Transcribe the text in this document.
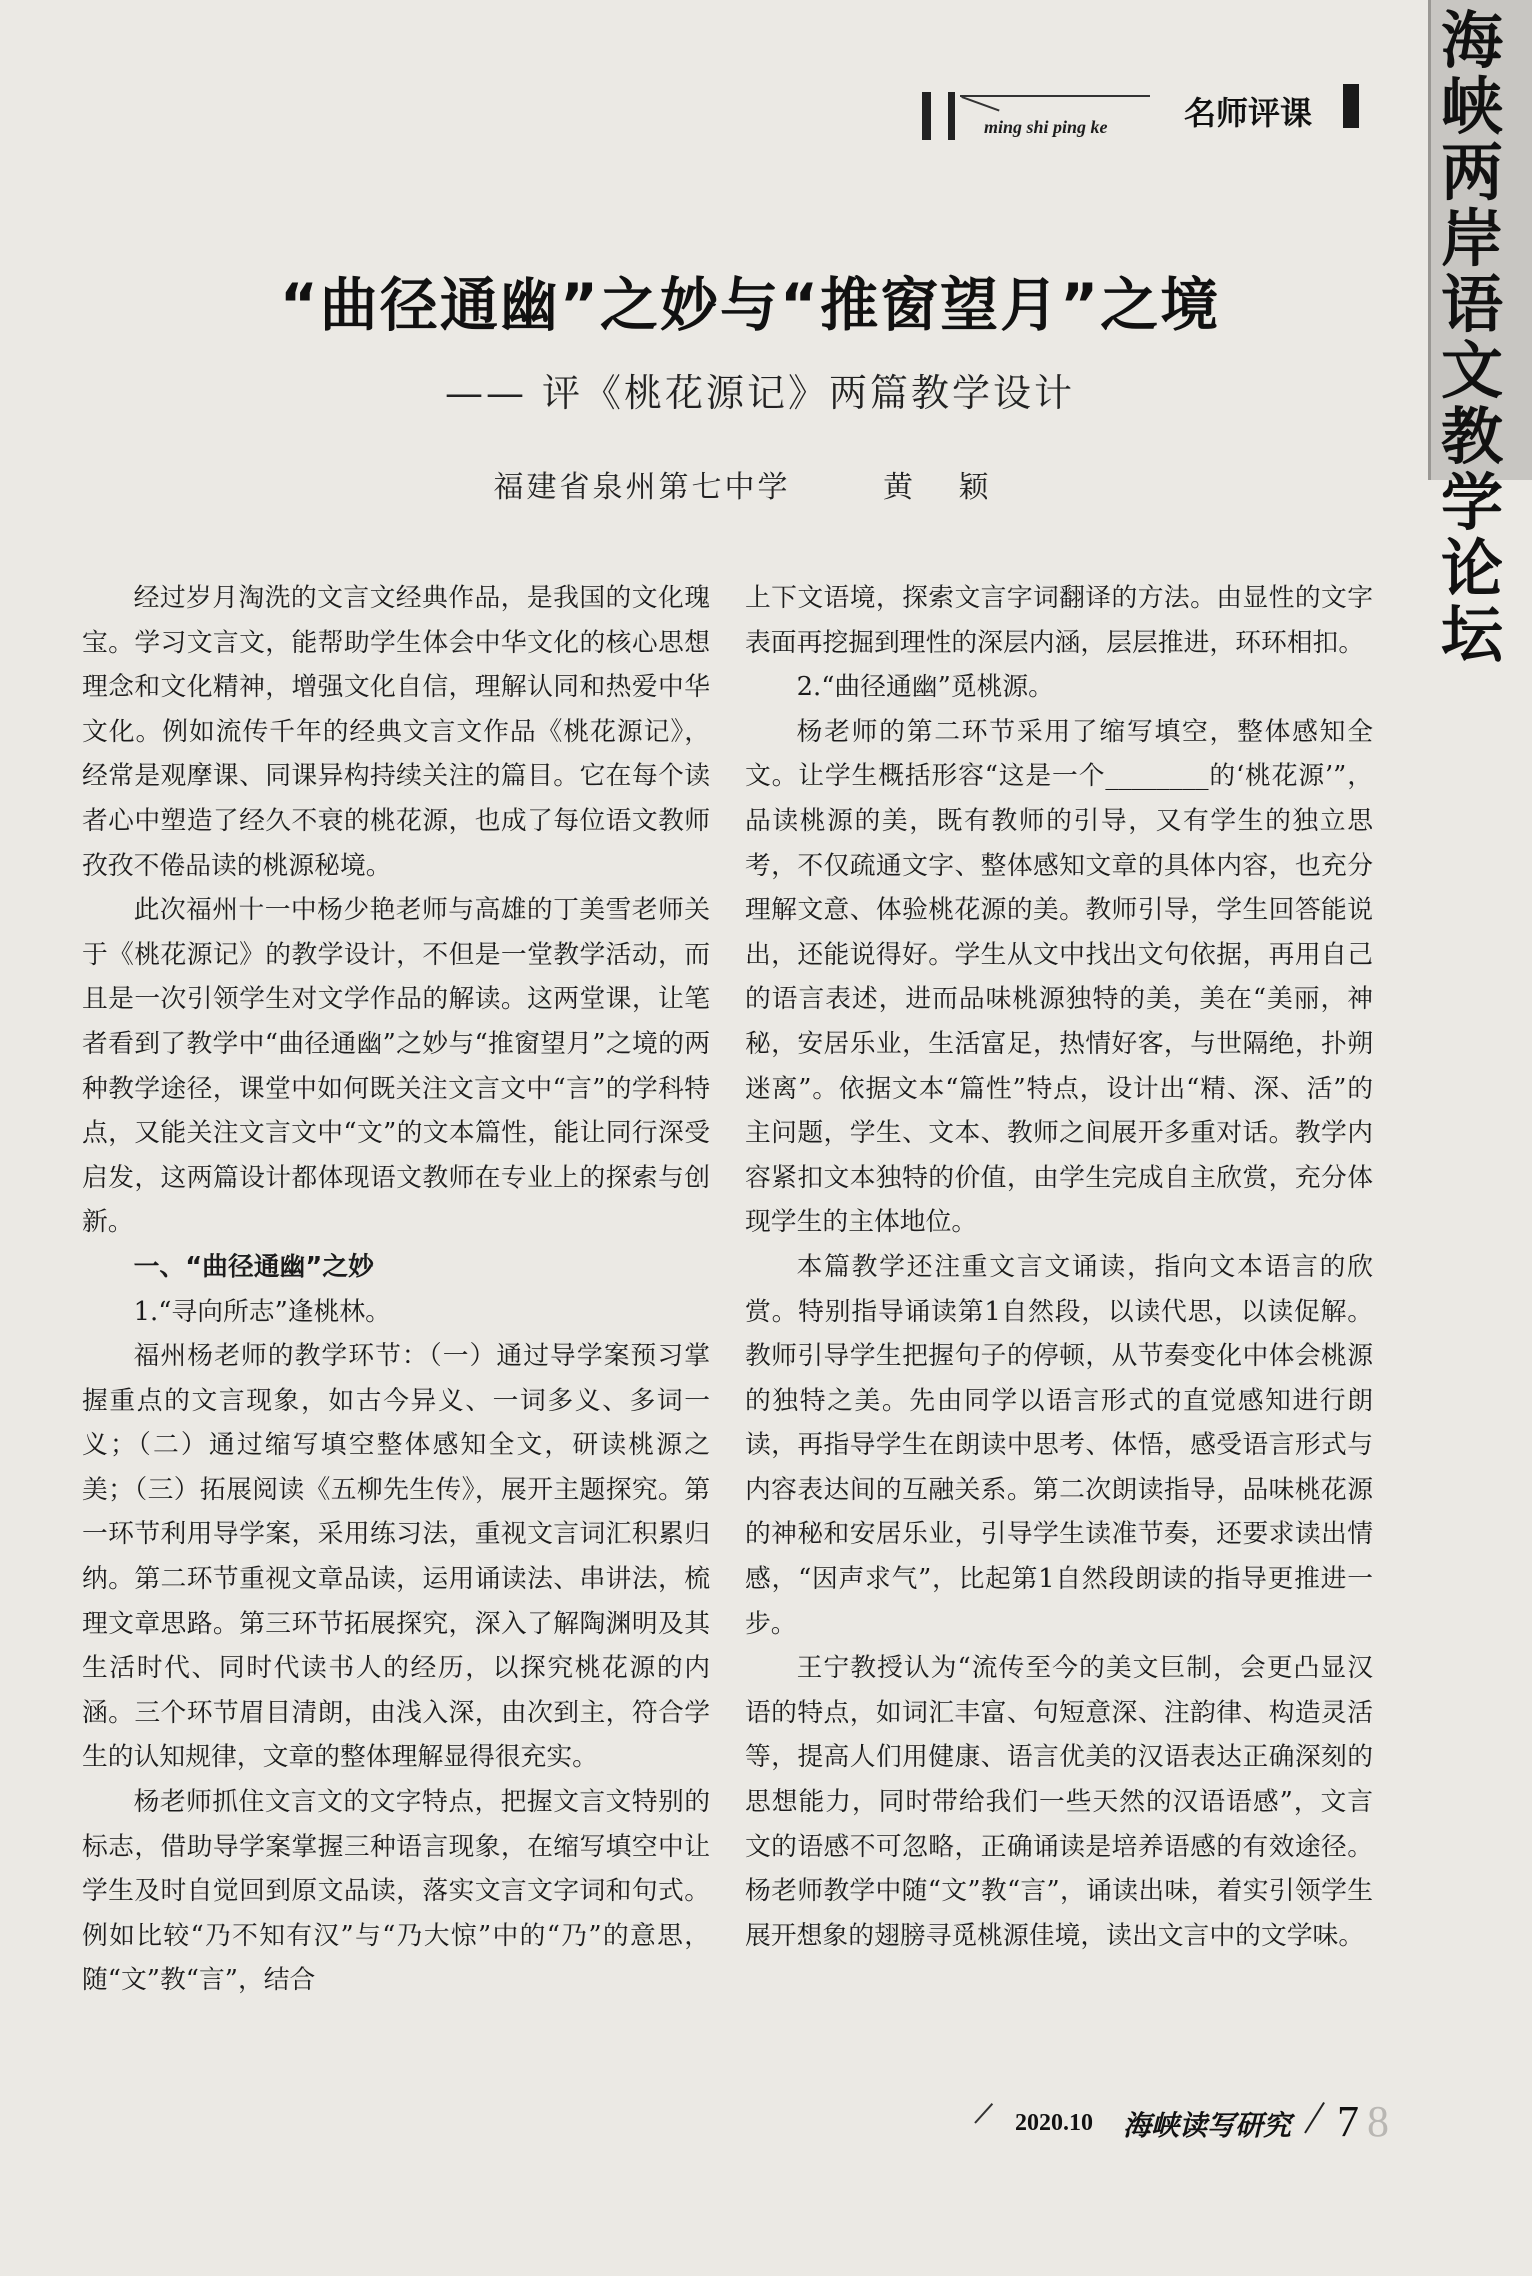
海峡两岸语文教学论坛
ming shi ping ke 名师评课
“曲径通幽”之妙与“推窗望月”之境
—— 评《桃花源记》两篇教学设计
福建省泉州第七中学	黄 颖

经过岁月淘洗的文言文经典作品，是我国的文化瑰宝。学习文言文，能帮助学生体会中华文化的核心思想理念和文化精神，增强文化自信，理解认同和热爱中华文化。例如流传千年的经典文言文作品《桃花源记》，经常是观摩课、同课异构持续关注的篇目。它在每个读者心中塑造了经久不衰的桃花源，也成了每位语文教师孜孜不倦品读的桃源秘境。

此次福州十一中杨少艳老师与高雄的丁美雪老师关于《桃花源记》的教学设计，不但是一堂教学活动，而且是一次引领学生对文学作品的解读。这两堂课，让笔者看到了教学中“曲径通幽”之妙与“推窗望月”之境的两种教学途径，课堂中如何既关注文言文中“言”的学科特点，又能关注文言文中“文”的文本篇性，能让同行深受启发，这两篇设计都体现语文教师在专业上的探索与创新。

一、“曲径通幽”之妙

1.“寻向所志”逢桃林。

福州杨老师的教学环节：（一）通过导学案预习掌握重点的文言现象，如古今异义、一词多义、多词一义；（二）通过缩写填空整体感知全文，研读桃源之美；（三）拓展阅读《五柳先生传》，展开主题探究。第一环节利用导学案，采用练习法，重视文言词汇积累归纳。第二环节重视文章品读，运用诵读法、串讲法，梳理文章思路。第三环节拓展探究，深入了解陶渊明及其生活时代、同时代读书人的经历，以探究桃花源的内涵。三个环节眉目清朗，由浅入深，由次到主，符合学生的认知规律，文章的整体理解显得很充实。

杨老师抓住文言文的文字特点，把握文言文特别的标志，借助导学案掌握三种语言现象，在缩写填空中让学生及时自觉回到原文品读，落实文言文字词和句式。例如比较“乃不知有汉”与“乃大惊”中的“乃”的意思，随“文”教“言”，结合

上下文语境，探索文言字词翻译的方法。由显性的文字表面再挖掘到理性的深层内涵，层层推进，环环相扣。

2.“曲径通幽”觅桃源。

杨老师的第二环节采用了缩写填空，整体感知全文。让学生概括形容“这是一个________的‘桃花源’”，品读桃源的美，既有教师的引导，又有学生的独立思考，不仅疏通文字、整体感知文章的具体内容，也充分理解文意、体验桃花源的美。教师引导，学生回答能说出，还能说得好。学生从文中找出文句依据，再用自己的语言表述，进而品味桃源独特的美，美在“美丽，神秘，安居乐业，生活富足，热情好客，与世隔绝，扑朔迷离”。依据文本“篇性”特点，设计出“精、深、活”的主问题，学生、文本、教师之间展开多重对话。教学内容紧扣文本独特的价值，由学生完成自主欣赏，充分体现学生的主体地位。

本篇教学还注重文言文诵读，指向文本语言的欣赏。特别指导诵读第1自然段，以读代思，以读促解。教师引导学生把握句子的停顿，从节奏变化中体会桃源的独特之美。先由同学以语言形式的直觉感知进行朗读，再指导学生在朗读中思考、体悟，感受语言形式与内容表达间的互融关系。第二次朗读指导，品味桃花源的神秘和安居乐业，引导学生读准节奏，还要求读出情感，“因声求气”，比起第1自然段朗读的指导更推进一步。

王宁教授认为“流传至今的美文巨制，会更凸显汉语的特点，如词汇丰富、句短意深、注韵律、构造灵活等，提高人们用健康、语言优美的汉语表达正确深刻的思想能力，同时带给我们一些天然的汉语语感”，文言文的语感不可忽略，正确诵读是培养语感的有效途径。杨老师教学中随“文”教“言”，诵读出味，着实引领学生展开想象的翅膀寻觅桃源佳境，读出文言中的文学味。

2020.10 海峡读写研究 7 8
